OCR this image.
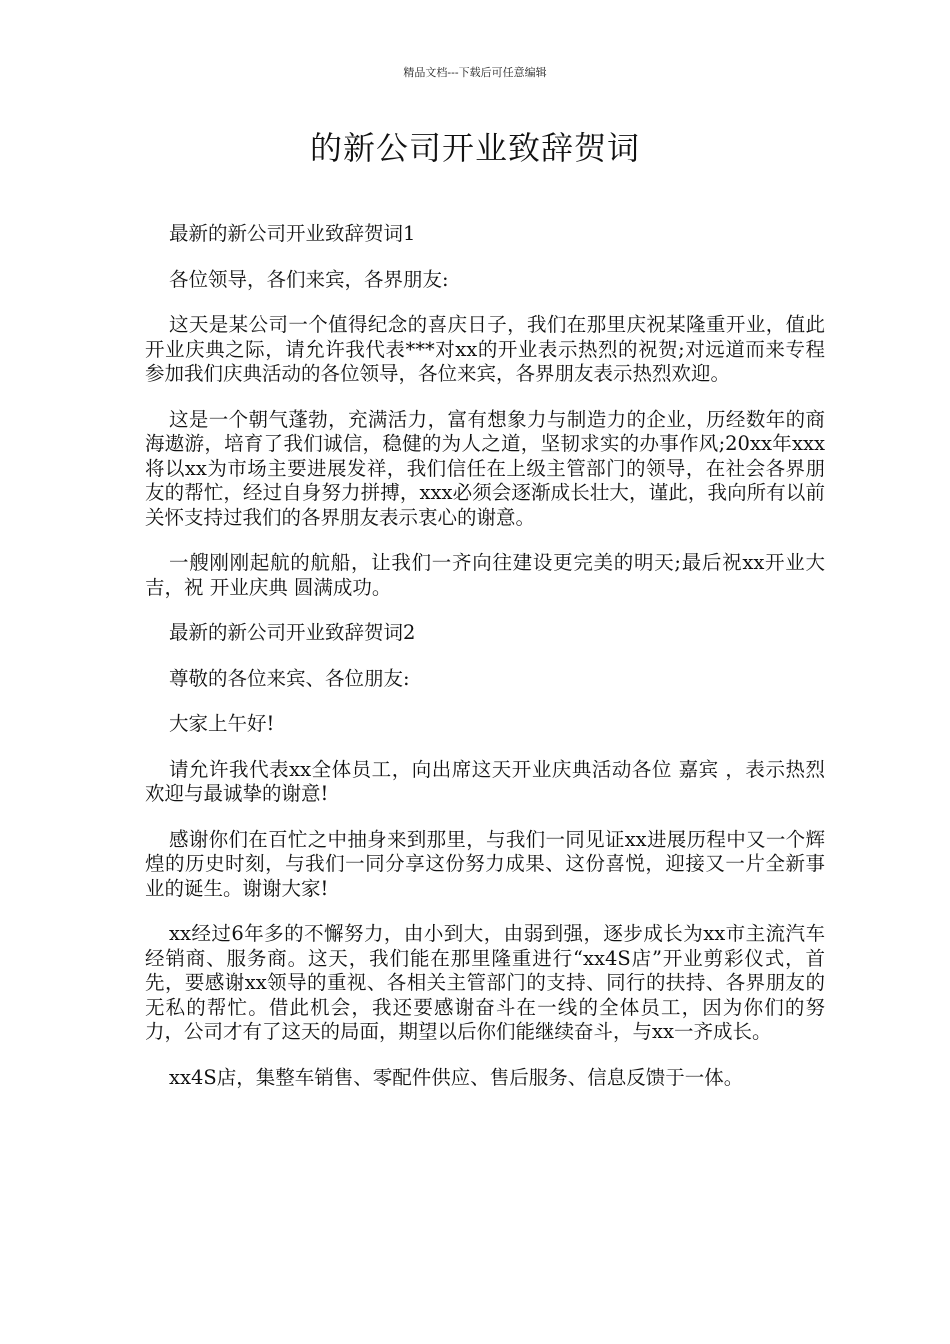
精品文档---下载后可任意编辑
的新公司开业致辞贺词

最新的新公司开业致辞贺词1

各位领导，各们来宾，各界朋友:

这天是某公司一个值得纪念的喜庆日子，我们在那里庆祝某隆重开业，值此开业庆典之际，请允许我代表***对xx的开业表示热烈的祝贺;对远道而来专程参加我们庆典活动的各位领导，各位来宾，各界朋友表示热烈欢迎。

这是一个朝气蓬勃，充满活力，富有想象力与制造力的企业，历经数年的商海遨游，培育了我们诚信，稳健的为人之道，坚韧求实的办事作风;20xx年xxx将以xx为市场主要进展发祥，我们信任在上级主管部门的领导，在社会各界朋友的帮忙，经过自身努力拼搏，xxx必须会逐渐成长壮大，谨此，我向所有以前关怀支持过我们的各界朋友表示衷心的谢意。

一艘刚刚起航的航船，让我们一齐向往建设更完美的明天;最后祝xx开业大吉，祝 开业庆典 圆满成功。

最新的新公司开业致辞贺词2

尊敬的各位来宾、各位朋友:

大家上午好!

请允许我代表xx全体员工，向出席这天开业庆典活动各位 嘉宾 ，表示热烈欢迎与最诚挚的谢意!

感谢你们在百忙之中抽身来到那里，与我们一同见证xx进展历程中又一个辉煌的历史时刻，与我们一同分享这份努力成果、这份喜悦，迎接又一片全新事业的诞生。谢谢大家!

xx经过6年多的不懈努力，由小到大，由弱到强，逐步成长为xx市主流汽车经销商、服务商。这天，我们能在那里隆重进行“xx4S店”开业剪彩仪式，首先，要感谢xx领导的重视、各相关主管部门的支持、同行的扶持、各界朋友的无私的帮忙。借此机会，我还要感谢奋斗在一线的全体员工，因为你们的努力，公司才有了这天的局面，期望以后你们能继续奋斗，与xx一齐成长。

xx4S店，集整车销售、零配件供应、售后服务、信息反馈于一体。
